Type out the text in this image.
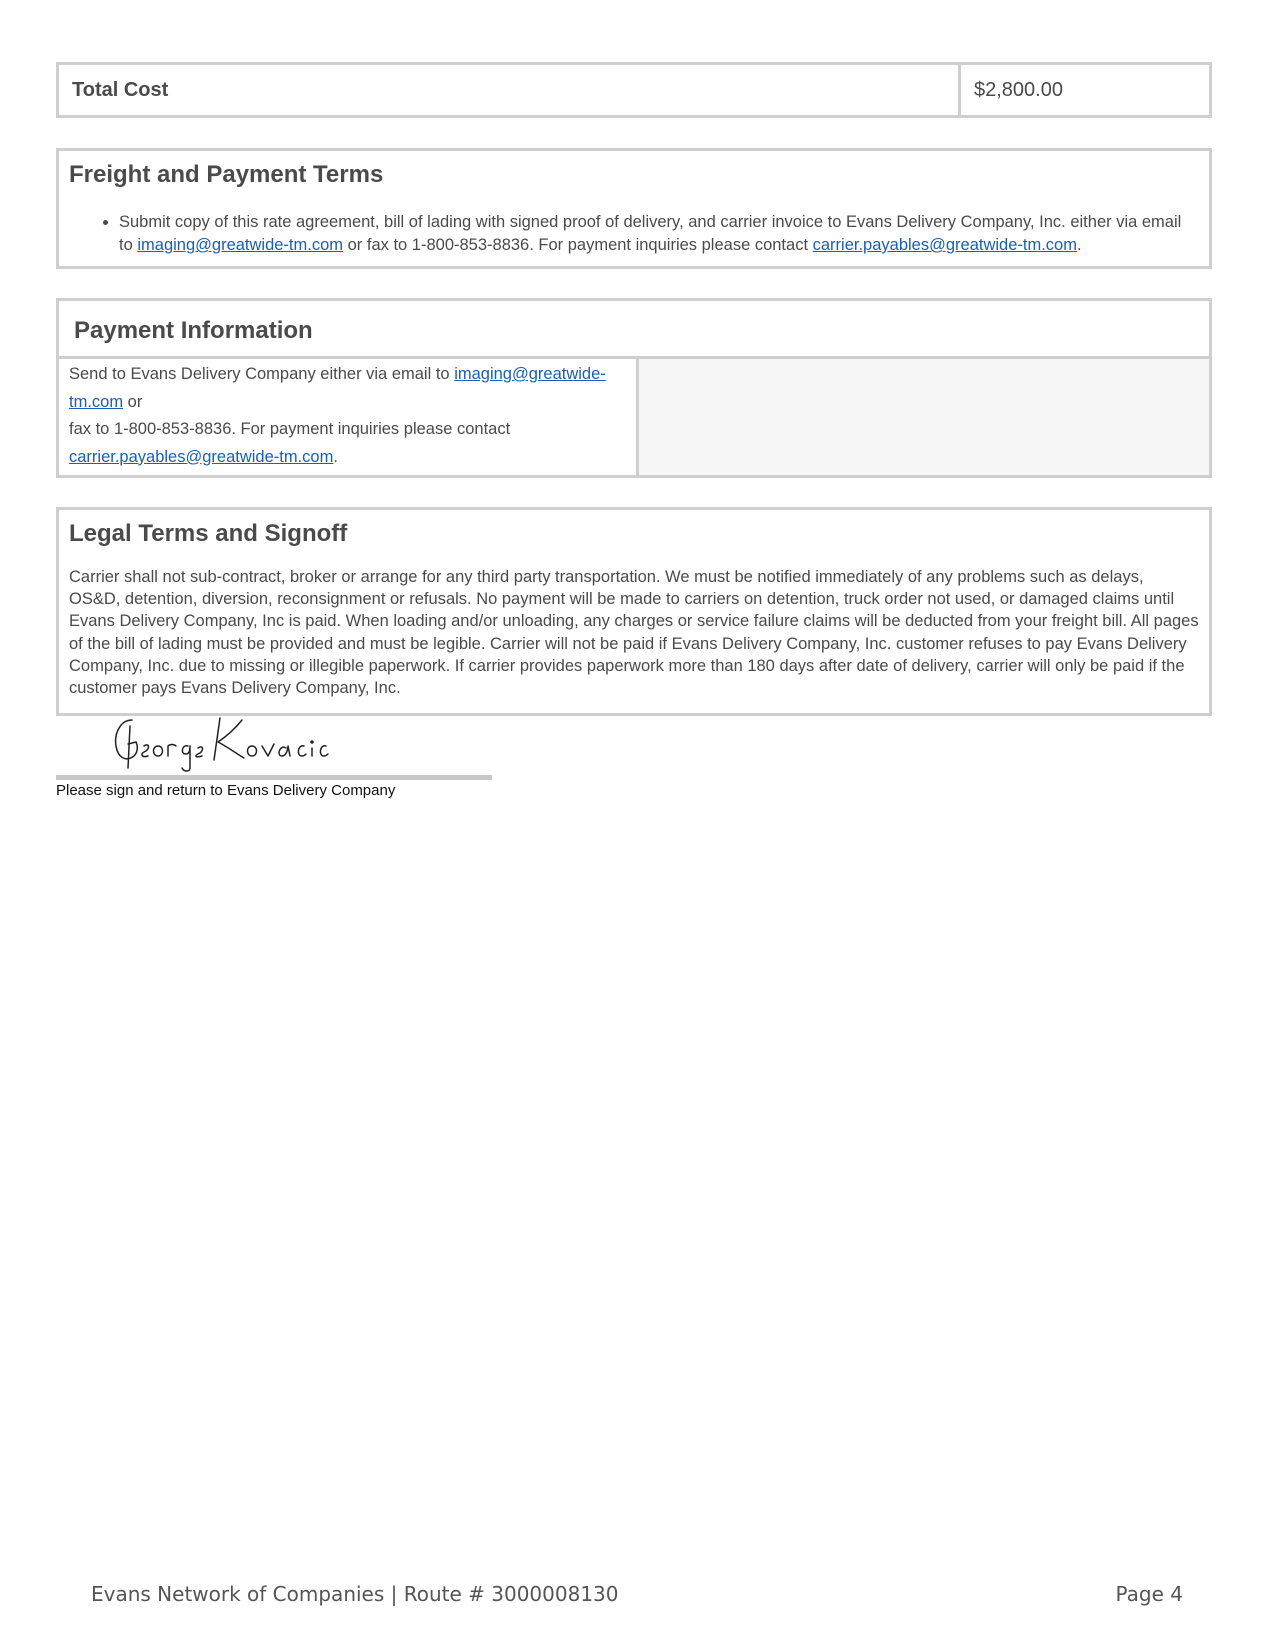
Total Cost	$2,800.00
Freight and Payment Terms
• Submit copy of this rate agreement, bill of lading with signed proof of delivery, and carrier invoice to Evans Delivery Company, Inc. either via email to imaging@greatwide-tm.com or fax to 1-800-853-8836. For payment inquiries please contact carrier.payables@greatwide-tm.com.
Payment Information
Send to Evans Delivery Company either via email to imaging@greatwide-tm.com or
fax to 1-800-853-8836. For payment inquiries please contact
carrier.payables@greatwide-tm.com.
Legal Terms and Signoff

Carrier shall not sub-contract, broker or arrange for any third party transportation. We must be notified immediately of any problems such as delays, OS&D, detention, diversion, reconsignment or refusals. No payment will be made to carriers on detention, truck order not used, or damaged claims until Evans Delivery Company, Inc is paid. When loading and/or unloading, any charges or service failure claims will be deducted from your freight bill. All pages of the bill of lading must be provided and must be legible. Carrier will not be paid if Evans Delivery Company, Inc. customer refuses to pay Evans Delivery Company, Inc. due to missing or illegible paperwork. If carrier provides paperwork more than 180 days after date of delivery, carrier will only be paid if the customer pays Evans Delivery Company, Inc.

Please sign and return to Evans Delivery Company
Evans Network of Companies | Route # 3000008130	Page 4
